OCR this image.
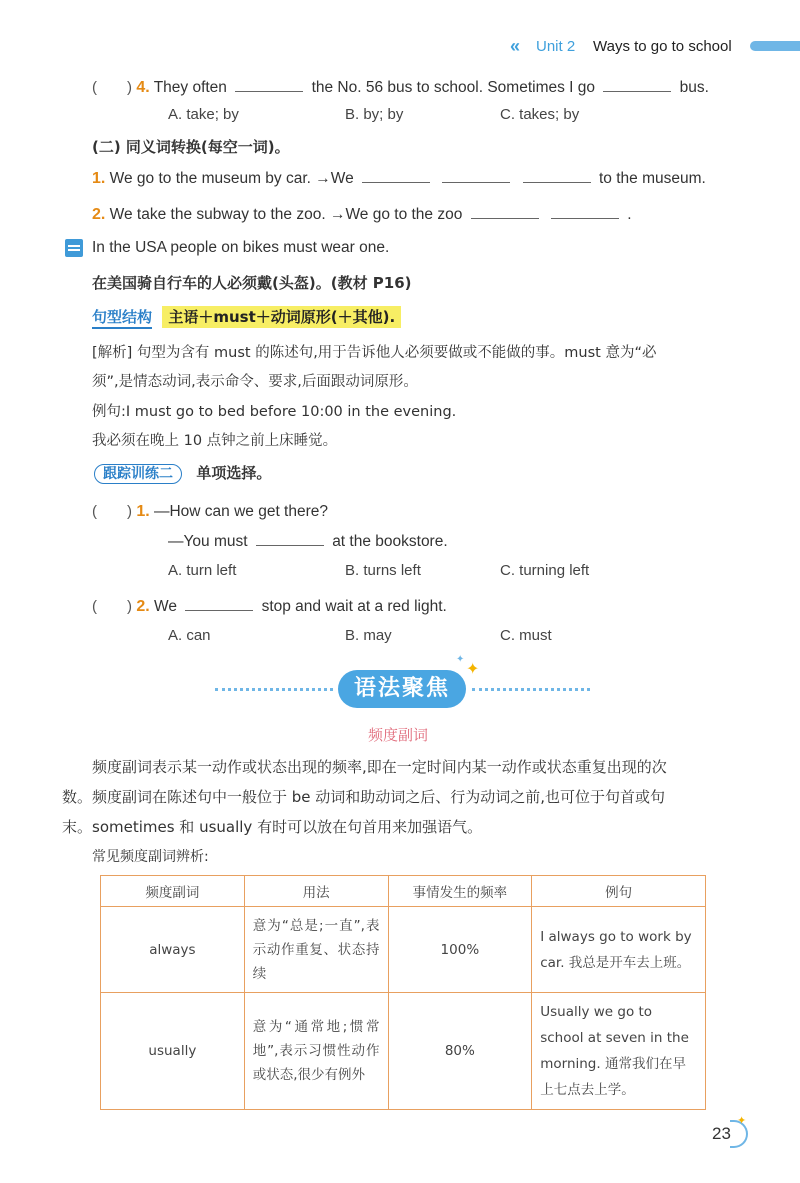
« Unit 2 Ways to go to school
(　　) 4. They often	the No. 56 bus to school. Sometimes I go	bus.
A. take; by	B. by; by	C. takes; by
(二) 同义词转换(每空一词)。
1. We go to the museum by car. →We	to the museum.
2. We take the subway to the zoo. →We go to the zoo	.
In the USA people on bikes must wear one.
在美国骑自行车的人必须戴(头盔)。(教材 P16)
句型结构 主语＋must＋动词原形(＋其他).
[解析] 句型为含有 must 的陈述句,用于告诉他人必须要做或不能做的事。must 意为“必
须”,是情态动词,表示命令、要求,后面跟动词原形。
例句:I must go to bed before 10:00 in the evening.
我必须在晚上 10 点钟之前上床睡觉。
跟踪训练二 单项选择。
(　　) 1. —How can we get there?
—You must	at the bookstore.
A. turn left	B. turns left	C. turning left
(　　) 2. We	stop and wait at a red light.
A. can	B. may	C. must
语法聚焦
✦
✦
频度副词
频度副词表示某一动作或状态出现的频率,即在一定时间内某一动作或状态重复出现的次
数。频度副词在陈述句中一般位于 be 动词和助动词之后、行为动词之前,也可位于句首或句
末。sometimes 和 usually 有时可以放在句首用来加强语气。
常见频度副词辨析:
频度副词	用法	事情发生的频率	例句
always	意为“总是;一直”,表示动作重复、状态持续	100%	I always go to work by car. 我总是开车去上班。
usually	意为“通常地;惯常地”,表示习惯性动作或状态,很少有例外	80%	Usually we go to school at seven in the morning. 通常我们在早上七点去上学。
23
✦
